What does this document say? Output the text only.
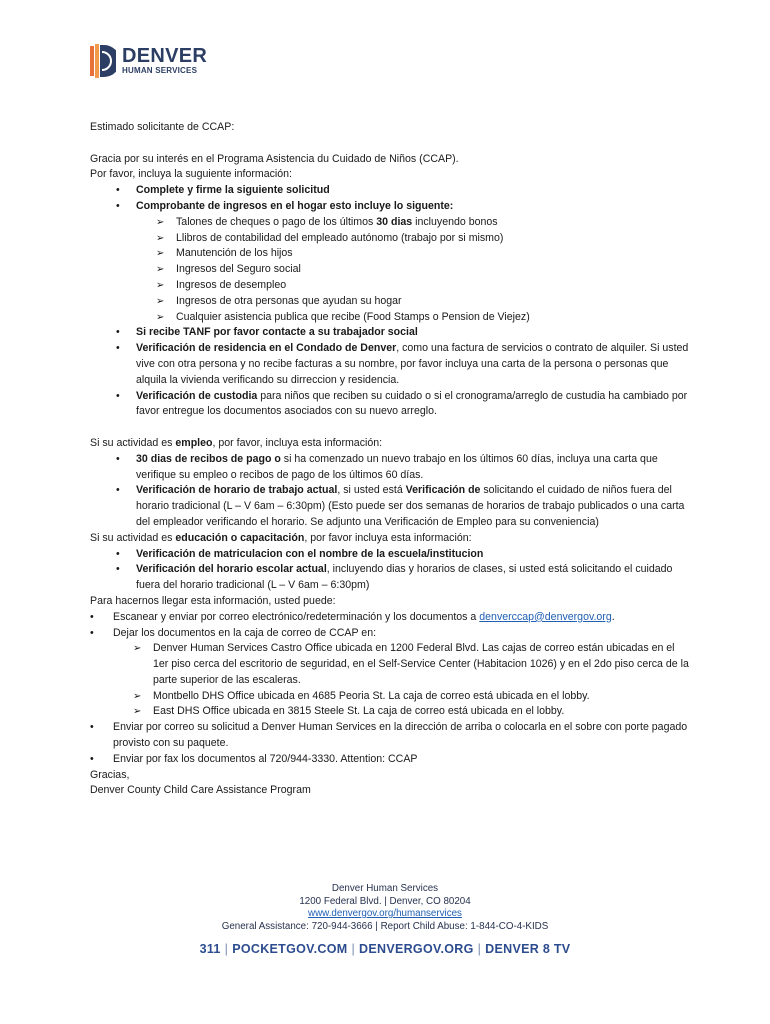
DENVER
HUMAN SERVICES

Estimado solicitante de CCAP:

Gracia por su interés en el Programa Asistencia du Cuidado de Niños (CCAP).

Por favor, incluya la suguiente información:

• Complete y firme la siguiente solicitud
• Comprobante de ingresos en el hogar esto incluye lo siguente:
➢ Talones de cheques o pago de los últimos 30 dias incluyendo bonos
➢ Llibros de contabilidad del empleado autónomo (trabajo por si mismo)
➢ Manutención de los hijos
➢ Ingresos del Seguro social
➢ Ingresos de desempleo
➢ Ingresos de otra personas que ayudan su hogar
➢ Cualquier asistencia publica que recibe (Food Stamps o Pension de Viejez)
• Si recibe TANF por favor contacte a su trabajador social
• Verificación de residencia en el Condado de Denver, como una factura de servicios o contrato de alquiler. Si usted vive con otra persona y no recibe facturas a su nombre, por favor incluya una carta de la persona o personas que alquila la vivienda verificando su dirreccion y residencia.
• Verificación de custodia para niños que reciben su cuidado o si el cronograma/arreglo de custudia ha cambiado por favor entregue los documentos asociados con su nuevo arreglo.

Si su actividad es empleo, por favor, incluya esta información:

• 30 dias de recibos de pago o si ha comenzado un nuevo trabajo en los últimos 60 días, incluya una carta que verifique su empleo o recibos de pago de los últimos 60 días.
• Verificación de horario de trabajo actual, si usted está Verificación de solicitando el cuidado de niños fuera del horario tradicional (L – V 6am – 6:30pm) (Esto puede ser dos semanas de horarios de trabajo publicados o una carta del empleador verificando el horario. Se adjunto una Verificación de Empleo para su conveniencia)

Si su actividad es educación o capacitación, por favor incluya esta información:

• Verificación de matriculacion con el nombre de la escuela/institucion
• Verificación del horario escolar actual, incluyendo dias y horarios de clases, si usted está solicitando el cuidado fuera del horario tradicional (L – V 6am – 6:30pm)

Para hacernos llegar esta información, usted puede:

• Escanear y enviar por correo electrónico/redeterminación y los documentos a denverccap@denvergov.org.
• Dejar los documentos en la caja de correo de CCAP en:
➢ Denver Human Services Castro Office ubicada en 1200 Federal Blvd. Las cajas de correo están ubicadas en el 1er piso cerca del escritorio de seguridad, en el Self-Service Center (Habitacion 1026) y en el 2do piso cerca de la parte superior de las escaleras.
➢ Montbello DHS Office ubicada en 4685 Peoria St. La caja de correo está ubicada en el lobby.
➢ East DHS Office ubicada en 3815 Steele St. La caja de correo está ubicada en el lobby.
• Enviar por correo su solicitud a Denver Human Services en la dirección de arriba o colocarla en el sobre con porte pagado provisto con su paquete.
• Enviar por fax los documentos al 720/944-3330. Attention: CCAP

Gracias,

Denver County Child Care Assistance Program

Denver Human Services
1200 Federal Blvd. | Denver, CO 80204
www.denvergov.org/humanservices
General Assistance: 720-944-3666 | Report Child Abuse: 1-844-CO-4-KIDS
311 | POCKETGOV.COM | DENVERGOV.ORG | DENVER 8 TV
